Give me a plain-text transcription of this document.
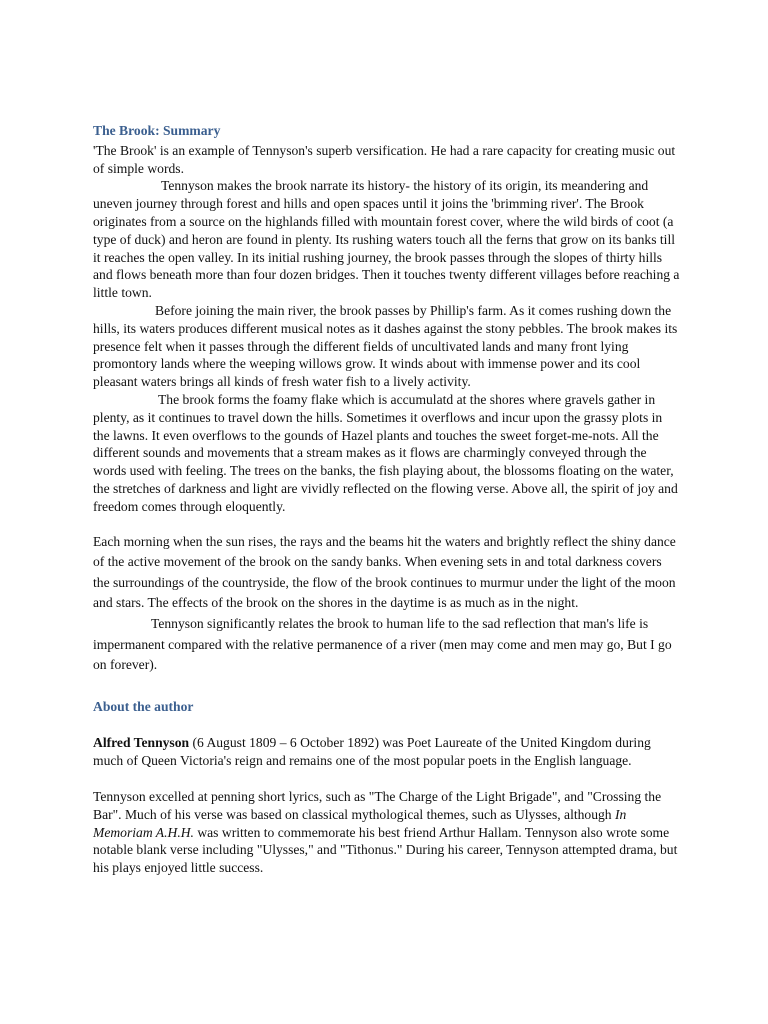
The Brook: Summary

'The Brook' is an example of Tennyson's superb versification. He had a rare capacity for creating music out of simple words.

Tennyson makes the brook narrate its history- the history of its origin, its meandering and uneven journey through forest and hills and open spaces until it joins the 'brimming river'. The Brook originates from a source on the highlands filled with mountain forest cover, where the wild birds of coot (a type of duck) and heron are found in plenty. Its rushing waters touch all the ferns that grow on its banks till it reaches the open valley. In its initial rushing journey, the brook passes through the slopes of thirty hills and flows beneath more than four dozen bridges. Then it touches twenty different villages before reaching a little town.

Before joining the main river, the brook passes by Phillip's farm. As it comes rushing down the hills, its waters produces different musical notes as it dashes against the stony pebbles. The brook makes its presence felt when it passes through the different fields of uncultivated lands and many front lying promontory lands where the weeping willows grow. It winds about with immense power and its cool pleasant waters brings all kinds of fresh water fish to a lively activity.

The brook forms the foamy flake which is accumulatd at the shores where gravels gather in plenty, as it continues to travel down the hills. Sometimes it overflows and incur upon the grassy plots in the lawns. It even overflows to the gounds of Hazel plants and touches the sweet forget-me-nots. All the different sounds and movements that a stream makes as it flows are charmingly conveyed through the words used with feeling. The trees on the banks, the fish playing about, the blossoms floating on the water, the stretches of darkness and light are vividly reflected on the flowing verse. Above all, the spirit of joy and freedom comes through eloquently.

Each morning when the sun rises, the rays and the beams hit the waters and brightly reflect the shiny dance of the active movement of the brook on the sandy banks. When evening sets in and total darkness covers the surroundings of the countryside, the flow of the brook continues to murmur under the light of the moon and stars. The effects of the brook on the shores in the daytime is as much as in the night.

Tennyson significantly relates the brook to human life to the sad reflection that man's life is impermanent compared with the relative permanence of a river (men may come and men may go, But I go on forever).

About the author

Alfred Tennyson (6 August 1809 – 6 October 1892) was Poet Laureate of the United Kingdom during much of Queen Victoria's reign and remains one of the most popular poets in the English language.

Tennyson excelled at penning short lyrics, such as "The Charge of the Light Brigade", and "Crossing the Bar". Much of his verse was based on classical mythological themes, such as Ulysses, although In Memoriam A.H.H. was written to commemorate his best friend Arthur Hallam. Tennyson also wrote some notable blank verse including "Ulysses," and "Tithonus." During his career, Tennyson attempted drama, but his plays enjoyed little success.
